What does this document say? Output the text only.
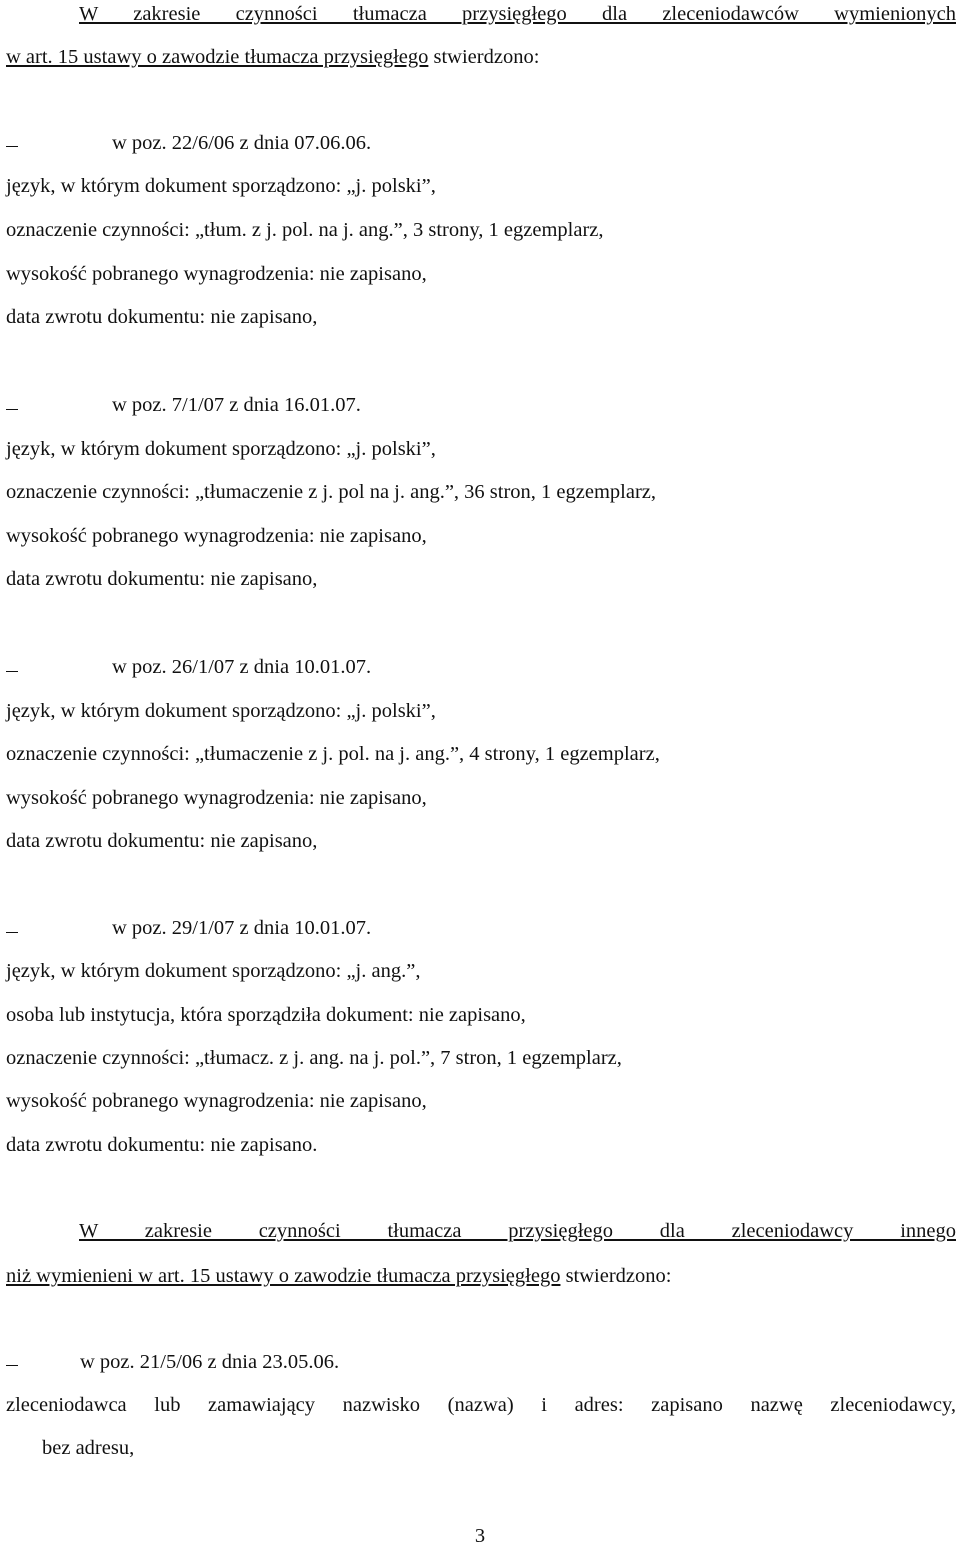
W zakresie czynności tłumacza przysięgłego dla zleceniodawców wymienionych
w art. 15 ustawy o zawodzie tłumacza przysięgłego stwierdzono:
w poz. 22/6/06 z dnia 07.06.06.
język, w którym dokument sporządzono: „j. polski”,
oznaczenie czynności: „tłum. z j. pol. na j. ang.”, 3 strony, 1 egzemplarz,
wysokość pobranego wynagrodzenia: nie zapisano,
data zwrotu dokumentu: nie zapisano,
w poz. 7/1/07 z dnia 16.01.07.
język, w którym dokument sporządzono: „j. polski”,
oznaczenie czynności: „tłumaczenie z j. pol na j. ang.”, 36 stron, 1 egzemplarz,
wysokość pobranego wynagrodzenia: nie zapisano,
data zwrotu dokumentu: nie zapisano,
w poz. 26/1/07 z dnia 10.01.07.
język, w którym dokument sporządzono: „j. polski”,
oznaczenie czynności: „tłumaczenie z j. pol. na j. ang.”, 4 strony, 1 egzemplarz,
wysokość pobranego wynagrodzenia: nie zapisano,
data zwrotu dokumentu: nie zapisano,
w poz. 29/1/07 z dnia 10.01.07.
język, w którym dokument sporządzono: „j. ang.”,
osoba lub instytucja, która sporządziła dokument: nie zapisano,
oznaczenie czynności: „tłumacz. z j. ang. na j. pol.”, 7 stron, 1 egzemplarz,
wysokość pobranego wynagrodzenia: nie zapisano,
data zwrotu dokumentu: nie zapisano.
W zakresie czynności tłumacza przysięgłego dla zleceniodawcy innego
niż wymienieni w art. 15 ustawy o zawodzie tłumacza przysięgłego stwierdzono:
w poz. 21/5/06 z dnia 23.05.06.
zleceniodawca lub zamawiający nazwisko (nazwa) i adres: zapisano nazwę zleceniodawcy,
bez adresu,
3
